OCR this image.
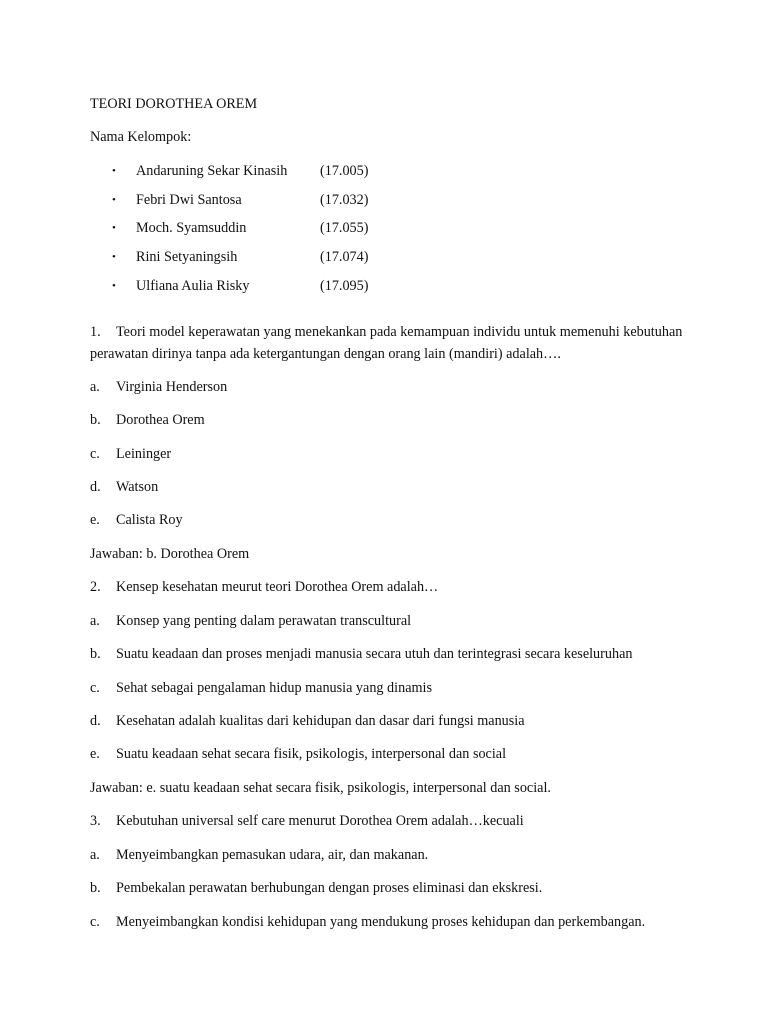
TEORI DOROTHEA OREM
Nama Kelompok:
• Andaruning Sekar Kinasih (17.005)
• Febri Dwi Santosa	(17.032)
• Moch. Syamsuddin	(17.055)
• Rini Setyaningsih	(17.074)
• Ulfiana Aulia Risky	(17.095)
1. Teori model keperawatan yang menekankan pada kemampuan individu untuk memenuhi kebutuhan perawatan dirinya tanpa ada ketergantungan dengan orang lain (mandiri) adalah….
a. Virginia Henderson
b. Dorothea Orem
c. Leininger
d. Watson
e. Calista Roy
Jawaban: b. Dorothea Orem
2. Kensep kesehatan meurut teori Dorothea Orem adalah…
a. Konsep yang penting dalam perawatan transcultural
b. Suatu keadaan dan proses menjadi manusia secara utuh dan terintegrasi secara keseluruhan
c. Sehat sebagai pengalaman hidup manusia yang dinamis
d. Kesehatan adalah kualitas dari kehidupan dan dasar dari fungsi manusia
e. Suatu keadaan sehat secara fisik, psikologis, interpersonal dan social
Jawaban: e. suatu keadaan sehat secara fisik, psikologis, interpersonal dan social.
3. Kebutuhan universal self care menurut Dorothea Orem adalah…kecuali
a. Menyeimbangkan pemasukan udara, air, dan makanan.
b. Pembekalan perawatan berhubungan dengan proses eliminasi dan ekskresi.
c. Menyeimbangkan kondisi kehidupan yang mendukung proses kehidupan dan perkembangan.
